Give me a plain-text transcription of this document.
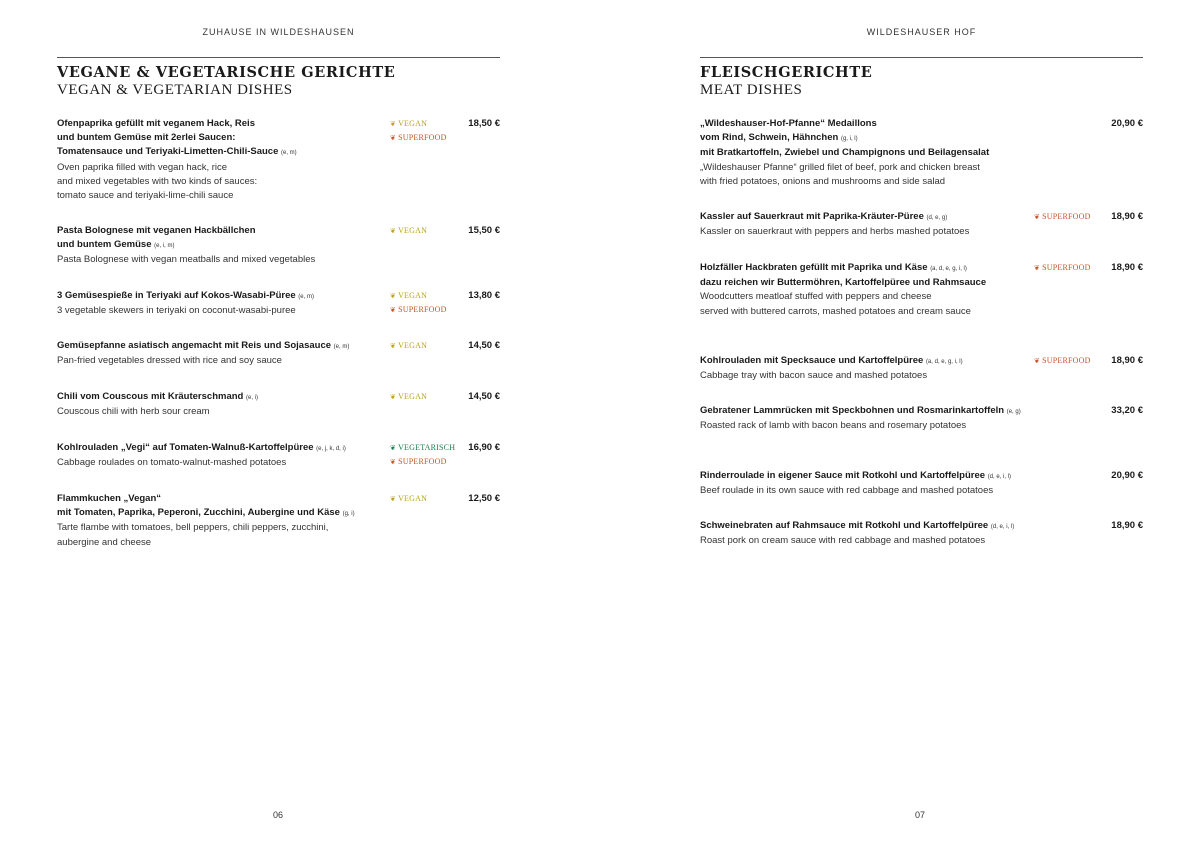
ZUHAUSE IN WILDESHAUSEN
VEGANE & VEGETARISCHE GERICHTE
VEGAN & VEGETARIAN DISHES
Ofenpaprika gefüllt mit veganem Hack, Reis
und buntem Gemüse mit 2erlei Saucen:
Tomatensauce und Teriyaki-Limetten-Chili-Sauce (e, m)
Oven paprika filled with vegan hack, rice
and mixed vegetables with two kinds of sauces:
tomato sauce and teriyaki-lime-chili sauce
❦ VEGAN
❦ SUPERFOOD
18,50 €
Pasta Bolognese mit veganen Hackbällchen
und buntem Gemüse (e, i, m)
Pasta Bolognese with vegan meatballs and mixed vegetables
❦ VEGAN	15,50 €
3 Gemüsespieße in Teriyaki auf Kokos-Wasabi-Püree (e, m)
3 vegetable skewers in teriyaki on coconut-wasabi-puree
❦ VEGAN
❦ SUPERFOOD
13,80 €
Gemüsepfanne asiatisch angemacht mit Reis und Sojasauce (e, m)
Pan-fried vegetables dressed with rice and soy sauce
❦ VEGAN	14,50 €
Chili vom Couscous mit Kräuterschmand (e, i)
Couscous chili with herb sour cream
❦ VEGAN	14,50 €
Kohlrouladen „Vegi“ auf Tomaten-Walnuß-Kartoffelpüree (e, j, k, d, i)
Cabbage roulades on tomato-walnut-mashed potatoes
❦ VEGETARISCH
❦ SUPERFOOD
16,90 €
Flammkuchen „Vegan“
mit Tomaten, Paprika, Peperoni, Zucchini, Aubergine und Käse (g, i)
Tarte flambe with tomatoes, bell peppers, chili peppers, zucchini,
aubergine and cheese
❦ VEGAN	12,50 €
06
WILDESHAUSER HOF
FLEISCHGERICHTE
MEAT DISHES
„Wildeshauser-Hof-Pfanne“ Medaillons
vom Rind, Schwein, Hähnchen (g, i, l)
mit Bratkartoffeln, Zwiebel und Champignons und Beilagensalat
„Wildeshauser Pfanne“ grilled filet of beef, pork and chicken breast
with fried potatoes, onions and mushrooms and side salad
20,90 €
Kassler auf Sauerkraut mit Paprika-Kräuter-Püree (d, e, g)
Kassler on sauerkraut with peppers and herbs mashed potatoes
❦ SUPERFOOD 18,90 €
Holzfäller Hackbraten gefüllt mit Paprika und Käse (a, d, e, g, i, l)
dazu reichen wir Buttermöhren, Kartoffelpüree und Rahmsauce
Woodcutters meatloaf stuffed with peppers and cheese
served with buttered carrots, mashed potatoes and cream sauce
❦ SUPERFOOD 18,90 €
Kohlrouladen mit Specksauce und Kartoffelpüree (a, d, e, g, i, l)
Cabbage tray with bacon sauce and mashed potatoes
❦ SUPERFOOD 18,90 €
Gebratener Lammrücken mit Speckbohnen und Rosmarinkartoffeln (e, g)
Roasted rack of lamb with bacon beans and rosemary potatoes
33,20 €
Rinderroulade in eigener Sauce mit Rotkohl und Kartoffelpüree (d, e, i, l)
Beef roulade in its own sauce with red cabbage and mashed potatoes
20,90 €
Schweinebraten auf Rahmsauce mit Rotkohl und Kartoffelpüree (d, e, i, l)
Roast pork on cream sauce with red cabbage and mashed potatoes
18,90 €
07
